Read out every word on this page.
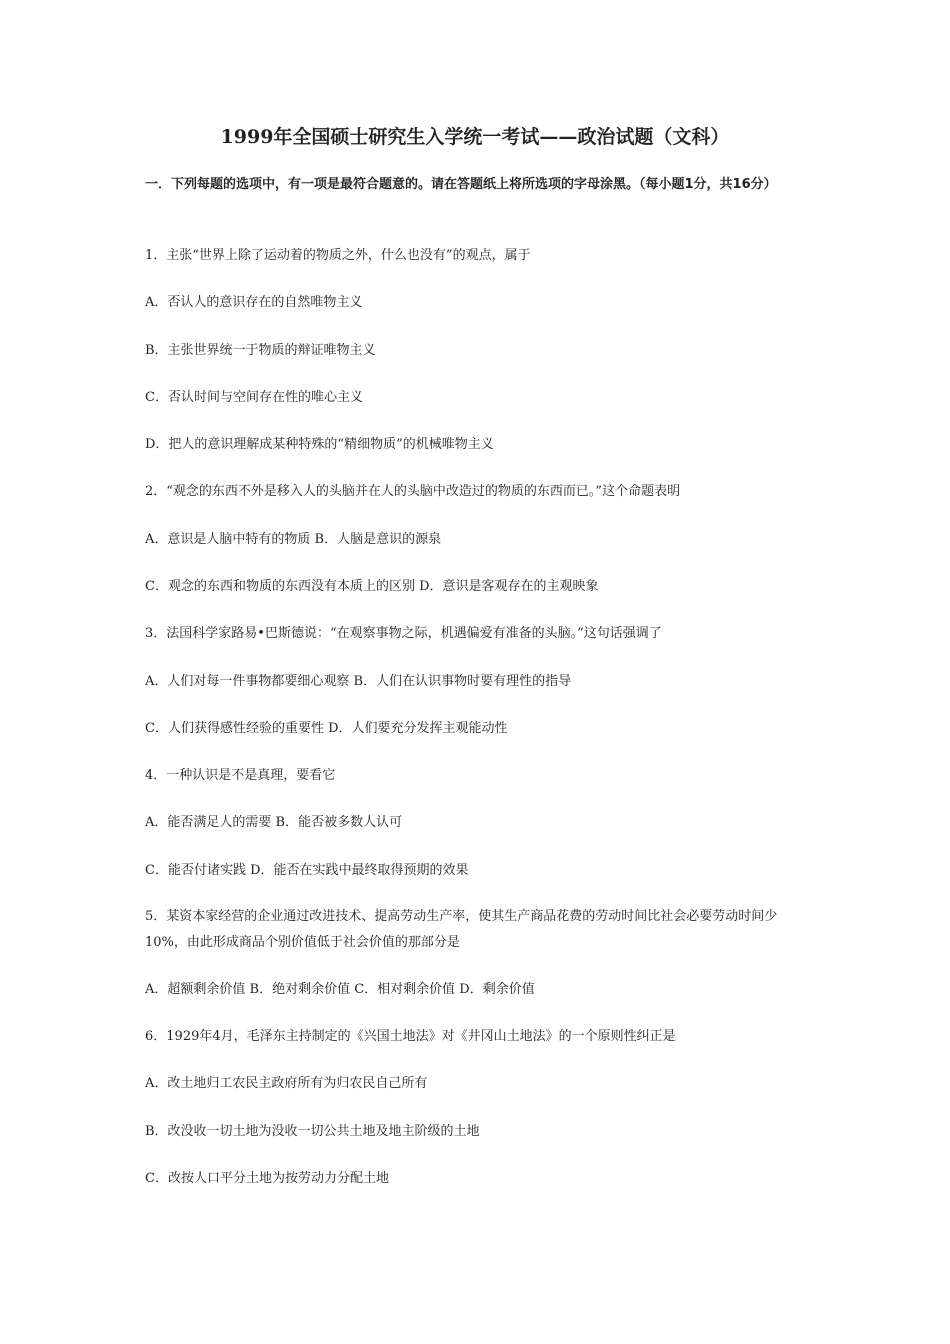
1999年全国硕士研究生入学统一考试——政治试题（文科）
一．下列每题的选项中，有一项是最符合题意的。请在答题纸上将所选项的字母涂黑。（每小题1分，共16分）
1．主张“世界上除了运动着的物质之外，什么也没有”的观点，属于
A．否认人的意识存在的自然唯物主义
B．主张世界统一于物质的辩证唯物主义
C．否认时间与空间存在性的唯心主义
D．把人的意识理解成某种特殊的“精细物质”的机械唯物主义
2．“观念的东西不外是移入人的头脑并在人的头脑中改造过的物质的东西而已。”这个命题表明
A．意识是人脑中特有的物质 B．人脑是意识的源泉
C．观念的东西和物质的东西没有本质上的区别 D．意识是客观存在的主观映象
3．法国科学家路易•巴斯德说：“在观察事物之际，机遇偏爱有准备的头脑。”这句话强调了
A．人们对每一件事物都要细心观察 B．人们在认识事物时要有理性的指导
C．人们获得感性经验的重要性 D．人们要充分发挥主观能动性
4．一种认识是不是真理，要看它
A．能否满足人的需要 B．能否被多数人认可
C．能否付诸实践 D．能否在实践中最终取得预期的效果
5．某资本家经营的企业通过改进技术、提高劳动生产率，使其生产商品花费的劳动时间比社会必要劳动时间少10%，由此形成商品个别价值低于社会价值的那部分是
A．超额剩余价值 B．绝对剩余价值 C．相对剩余价值 D．剩余价值
6．1929年4月，毛泽东主持制定的《兴国土地法》对《井冈山土地法》的一个原则性纠正是
A．改土地归工农民主政府所有为归农民自己所有
B．改没收一切土地为没收一切公共土地及地主阶级的土地
C．改按人口平分土地为按劳动力分配土地
